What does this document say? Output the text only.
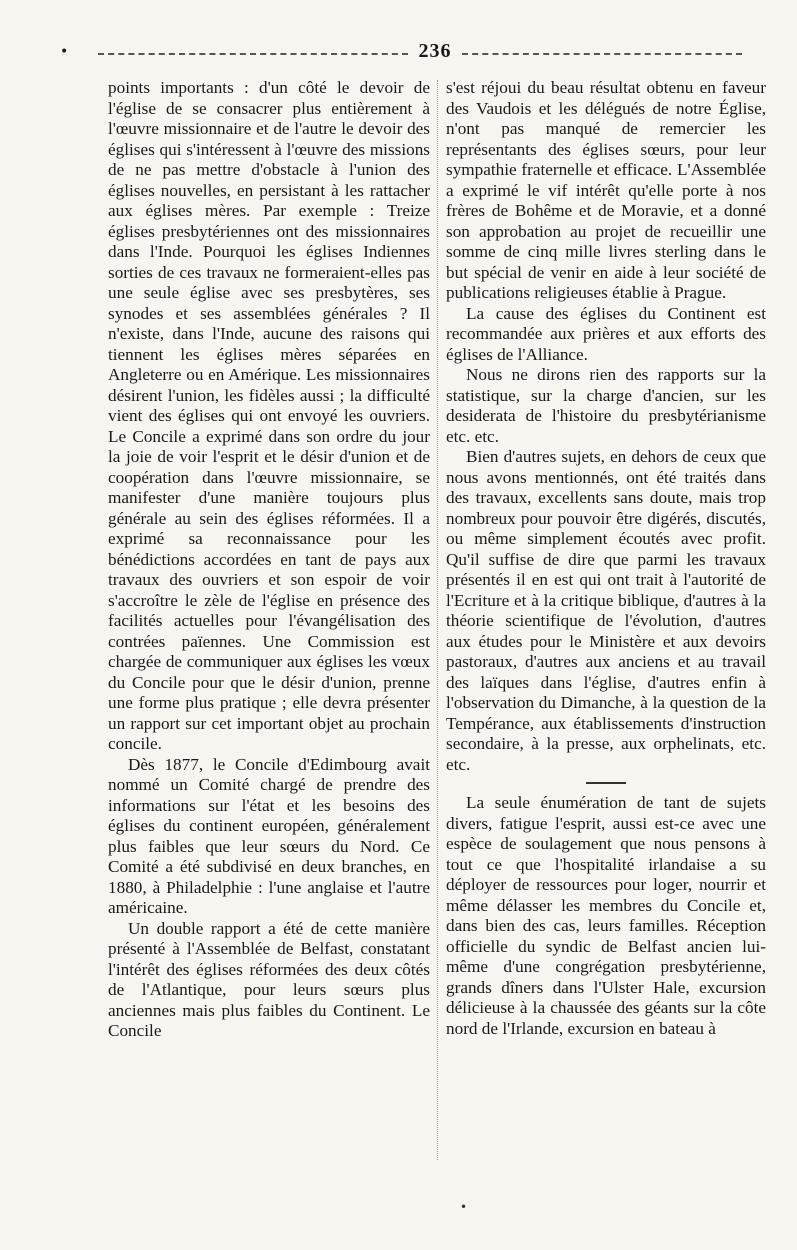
•	236

points importants : d'un côté le devoir de l'église de se consacrer plus entièrement à l'œuvre missionnaire et de l'autre le devoir des églises qui s'intéressent à l'œuvre des missions de ne pas mettre d'obstacle à l'union des églises nouvelles, en persistant à les rattacher aux églises mères. Par exemple : Treize églises presbytériennes ont des missionnaires dans l'Inde. Pourquoi les églises Indiennes sorties de ces travaux ne formeraient-elles pas une seule église avec ses presbytères, ses synodes et ses assemblées générales ? Il n'existe, dans l'Inde, aucune des raisons qui tiennent les églises mères séparées en Angleterre ou en Amérique. Les missionnaires désirent l'union, les fidèles aussi ; la difficulté vient des églises qui ont envoyé les ouvriers. Le Concile a exprimé dans son ordre du jour la joie de voir l'esprit et le désir d'union et de coopération dans l'œuvre missionnaire, se manifester d'une manière toujours plus générale au sein des églises réformées. Il a exprimé sa reconnaissance pour les bénédictions accordées en tant de pays aux travaux des ouvriers et son espoir de voir s'accroître le zèle de l'église en présence des facilités actuelles pour l'évangélisation des contrées païennes. Une Commission est chargée de communiquer aux églises les vœux du Concile pour que le désir d'union, prenne une forme plus pratique ; elle devra présenter un rapport sur cet important objet au prochain concile.

Dès 1877, le Concile d'Edimbourg avait nommé un Comité chargé de prendre des informations sur l'état et les besoins des églises du continent européen, généralement plus faibles que leur sœurs du Nord. Ce Comité a été subdivisé en deux branches, en 1880, à Philadelphie : l'une anglaise et l'autre américaine.

Un double rapport a été de cette manière présenté à l'Assemblée de Belfast, constatant l'intérêt des églises réformées des deux côtés de l'Atlantique, pour leurs sœurs plus anciennes mais plus faibles du Continent. Le Concile

s'est réjoui du beau résultat obtenu en faveur des Vaudois et les délégués de notre Église, n'ont pas manqué de remercier les représentants des églises sœurs, pour leur sympathie fraternelle et efficace. L'Assemblée a exprimé le vif intérêt qu'elle porte à nos frères de Bohême et de Moravie, et a donné son approbation au projet de recueillir une somme de cinq mille livres sterling dans le but spécial de venir en aide à leur société de publications religieuses établie à Prague.

La cause des églises du Continent est recommandée aux prières et aux efforts des églises de l'Alliance.

Nous ne dirons rien des rapports sur la statistique, sur la charge d'ancien, sur les desiderata de l'histoire du presbytérianisme etc. etc.

Bien d'autres sujets, en dehors de ceux que nous avons mentionnés, ont été traités dans des travaux, excellents sans doute, mais trop nombreux pour pouvoir être digérés, discutés, ou même simplement écoutés avec profit. Qu'il suffise de dire que parmi les travaux présentés il en est qui ont trait à l'autorité de l'Ecriture et à la critique biblique, d'autres à la théorie scientifique de l'évolution, d'autres aux études pour le Ministère et aux devoirs pastoraux, d'autres aux anciens et au travail des laïques dans l'église, d'autres enfin à l'observation du Dimanche, à la question de la Tempérance, aux établissements d'instruction secondaire, à la presse, aux orphelinats, etc. etc.

La seule énumération de tant de sujets divers, fatigue l'esprit, aussi est-ce avec une espèce de soulagement que nous pensons à tout ce que l'hospitalité irlandaise a su déployer de ressources pour loger, nourrir et même délasser les membres du Concile et, dans bien des cas, leurs familles. Réception officielle du syndic de Belfast ancien lui-même d'une congrégation presbytérienne, grands dîners dans l'Ulster Hale, excursion délicieuse à la chaussée des géants sur la côte nord de l'Irlande, excursion en bateau à

•
